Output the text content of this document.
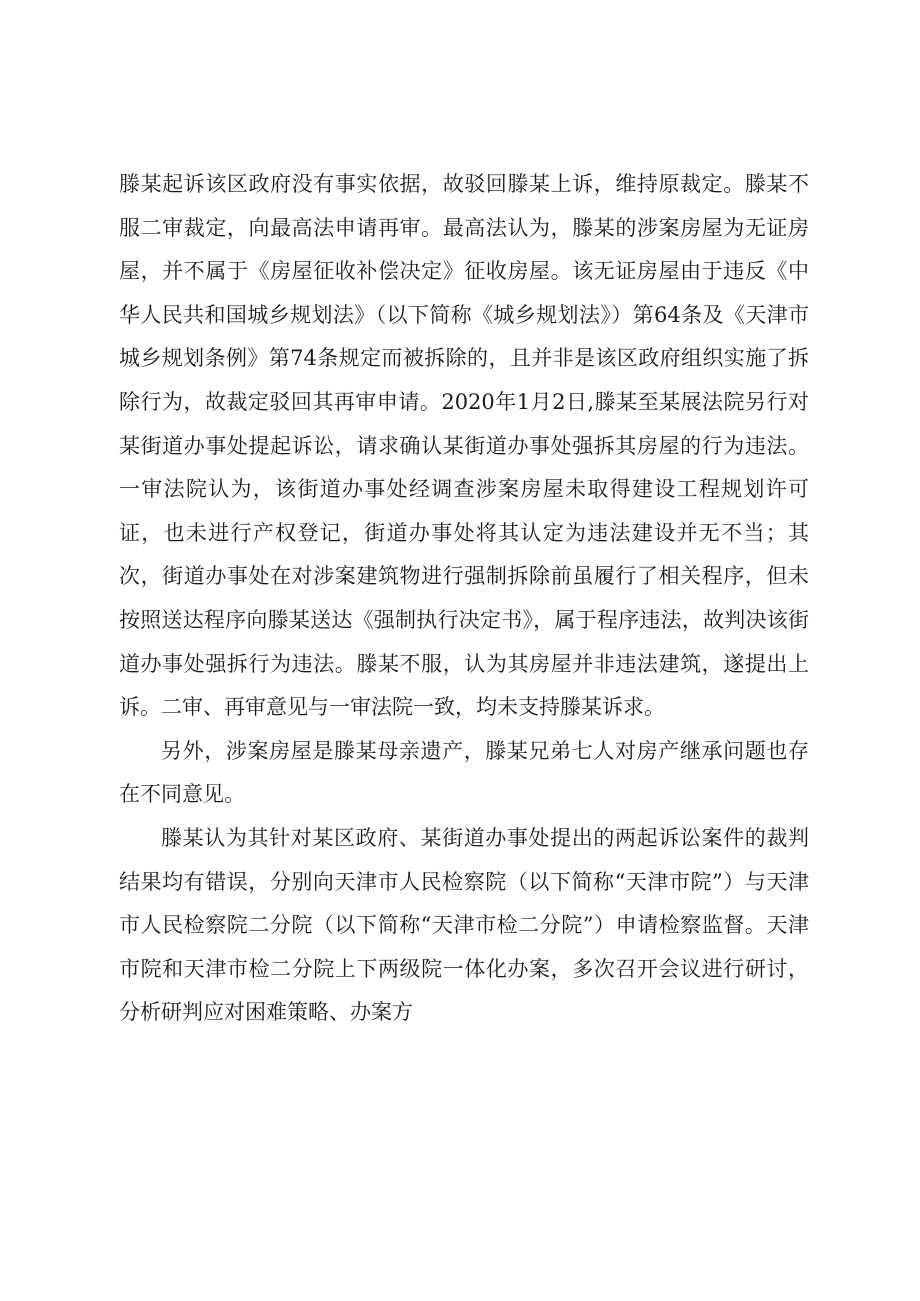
滕某起诉该区政府没有事实依据，故驳回滕某上诉，维持原裁定。滕某不服二审裁定，向最高法申请再审。最高法认为，滕某的涉案房屋为无证房屋，并不属于《房屋征收补偿决定》征收房屋。该无证房屋由于违反《中华人民共和国城乡规划法》（以下简称《城乡规划法》）第64条及《天津市城乡规划条例》第74条规定而被拆除的，且并非是该区政府组织实施了拆除行为，故裁定驳回其再审申请。2020年1月2日,滕某至某展法院另行对某街道办事处提起诉讼，请求确认某街道办事处强拆其房屋的行为违法。一审法院认为，该街道办事处经调查涉案房屋未取得建设工程规划许可证，也未进行产权登记，街道办事处将其认定为违法建设并无不当；其次，街道办事处在对涉案建筑物进行强制拆除前虽履行了相关程序，但未按照送达程序向滕某送达《强制执行决定书》，属于程序违法，故判决该街道办事处强拆行为违法。滕某不服，认为其房屋并非违法建筑，遂提出上诉。二审、再审意见与一审法院一致，均未支持滕某诉求。

另外，涉案房屋是滕某母亲遗产，滕某兄弟七人对房产继承问题也存在不同意见。

滕某认为其针对某区政府、某街道办事处提出的两起诉讼案件的裁判结果均有错误，分别向天津市人民检察院（以下简称“天津市院”）与天津市人民检察院二分院（以下简称“天津市检二分院”）申请检察监督。天津市院和天津市检二分院上下两级院一体化办案，多次召开会议进行研讨，分析研判应对困难策略、办案方
